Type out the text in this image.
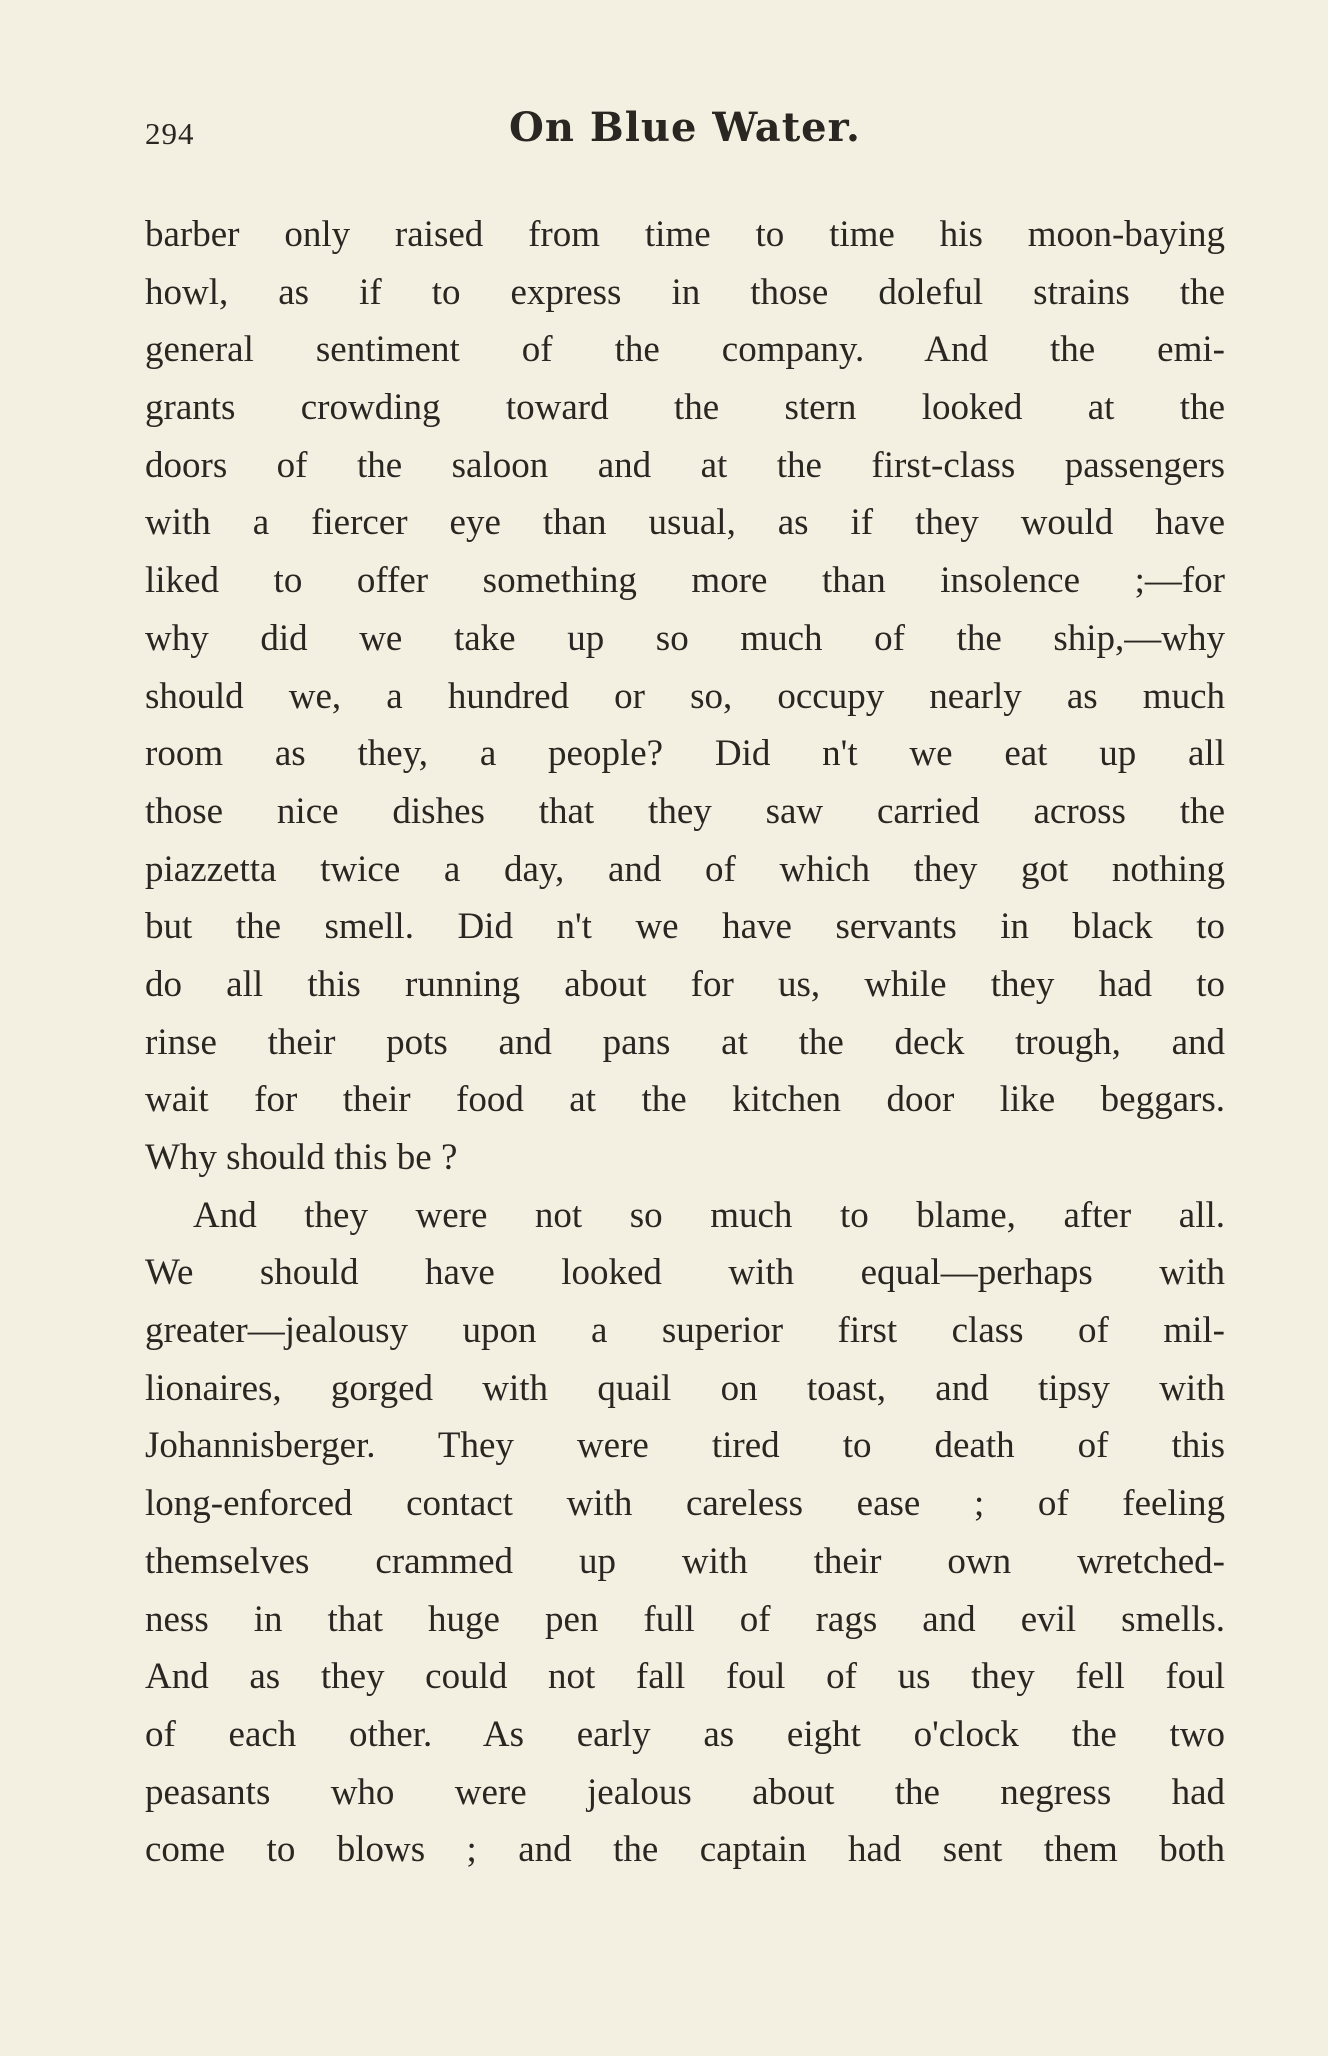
294	On Blue Water.
barber only raised from time to time his moon-baying
howl, as if to express in those doleful strains the
general sentiment of the company. And the emi-
grants crowding toward the stern looked at the
doors of the saloon and at the first-class passengers
with a fiercer eye than usual, as if they would have
liked to offer something more than insolence ;—for
why did we take up so much of the ship,—why
should we, a hundred or so, occupy nearly as much
room as they, a people? Did n't we eat up all
those nice dishes that they saw carried across the
piazzetta twice a day, and of which they got nothing
but the smell. Did n't we have servants in black to
do all this running about for us, while they had to
rinse their pots and pans at the deck trough, and
wait for their food at the kitchen door like beggars.
Why should this be ?
And they were not so much to blame, after all.
We should have looked with equal—perhaps with
greater—jealousy upon a superior first class of mil-
lionaires, gorged with quail on toast, and tipsy with
Johannisberger. They were tired to death of this
long-enforced contact with careless ease ; of feeling
themselves crammed up with their own wretched-
ness in that huge pen full of rags and evil smells.
And as they could not fall foul of us they fell foul
of each other. As early as eight o'clock the two
peasants who were jealous about the negress had
come to blows ; and the captain had sent them both
